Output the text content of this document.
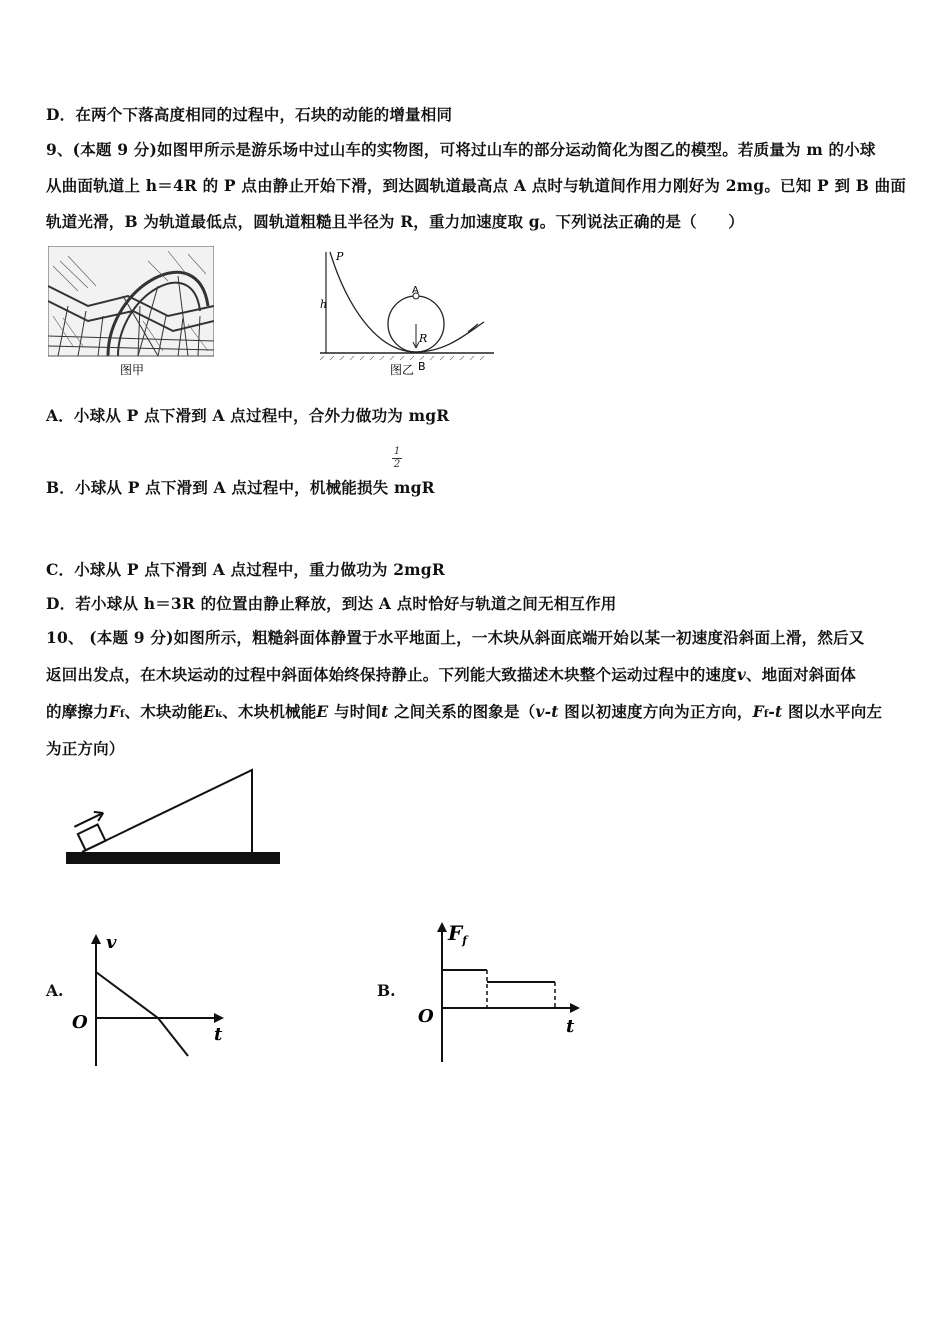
D．在两个下落高度相同的过程中，石块的动能的增量相同
9、(本题 9 分)如图甲所示是游乐场中过山车的实物图，可将过山车的部分运动简化为图乙的模型。若质量为 m 的小球
从曲面轨道上 h＝4R 的 P 点由静止开始下滑，到达圆轨道最高点 A 点时与轨道间作用力刚好为 2mg。已知 P 到 B 曲面
轨道光滑，B 为轨道最低点，圆轨道粗糙且半径为 R，重力加速度取 g。下列说法正确的是（　　）
图甲
P
h
A
R
图乙 B
A．小球从 P 点下滑到 A 点过程中，合外力做功为 mgR
$\frac{1}{2}$
B．小球从 P 点下滑到 A 点过程中，机械能损失 mgR
C．小球从 P 点下滑到 A 点过程中，重力做功为 2mgR
D．若小球从 h＝3R 的位置由静止释放，到达 A 点时恰好与轨道之间无相互作用
10、 (本题 9 分)如图所示，粗糙斜面体静置于水平地面上，一木块从斜面底端开始以某一初速度沿斜面上滑，然后又
返回出发点，在木块运动的过程中斜面体始终保持静止。下列能大致描述木块整个运动过程中的速度v、地面对斜面体
的摩擦力Ff、木块动能Ek、木块机械能E 与时间t 之间关系的图象是（v-t 图以初速度方向为正方向，Ff-t 图以水平向左
为正方向）
A.
v
t
O
B.
$F_f$
t
O
